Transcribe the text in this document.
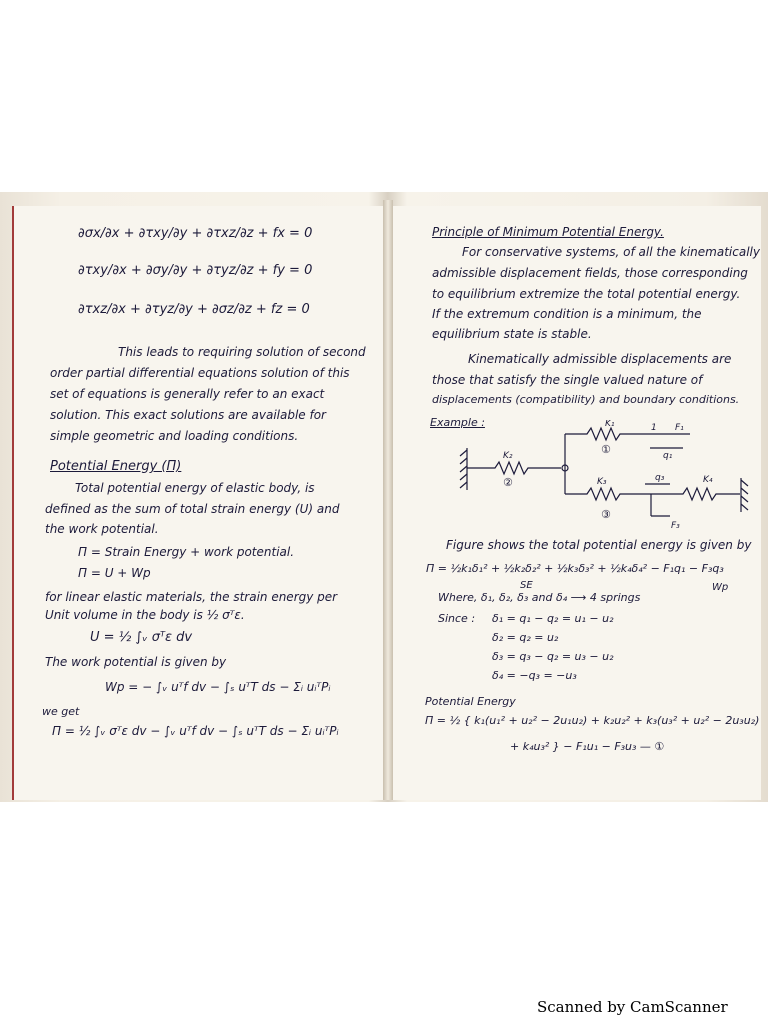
∂σx/∂x + ∂τxy/∂y + ∂τxz/∂z + fx = 0
∂τxy/∂x + ∂σy/∂y + ∂τyz/∂z + fy = 0
∂τxz/∂x + ∂τyz/∂y + ∂σz/∂z + fz = 0
This leads to requiring solution of second
order partial differential equations solution of this
set of equations is generally refer to an exact
solution. This exact solutions are available for
simple geometric and loading conditions.
Potential Energy (Π)
Total potential energy of elastic body, is
defined as the sum of total strain energy (U) and
the work potential.
Π = Strain Energy + work potential.
Π = U + Wp
for linear elastic materials, the strain energy per
Unit volume in the body is ½ σᵀε.
U = ½ ∫ᵥ σᵀε dv
The work potential is given by
Wp = − ∫ᵥ uᵀf dv − ∫ₛ uᵀT ds − Σᵢ uᵢᵀPᵢ
we get
Π = ½ ∫ᵥ σᵀε dv − ∫ᵥ uᵀf dv − ∫ₛ uᵀT ds − Σᵢ uᵢᵀPᵢ
Principle of Minimum Potential Energy.
For conservative systems, of all the kinematically
admissible displacement fields, those corresponding
to equilibrium extremize the total potential energy.
If the extremum condition is a minimum, the
equilibrium state is stable.
Kinematically admissible displacements are
those that satisfy the single valued nature of
displacements (compatibility) and boundary conditions.
Example :	K₁
①
1 F₁
q₁
K₂
②	K₃
③
q₃	K₄
F₃
Figure shows the total potential energy is given by
Π = ½k₁δ₁² + ½k₂δ₂² + ½k₃δ₃² + ½k₄δ₄² − F₁q₁ − F₃q₃
SE	Wp
Where, δ₁, δ₂, δ₃ and δ₄ ⟶ 4 springs
Since : δ₁ = q₁ − q₂ = u₁ − u₂
δ₂ = q₂ = u₂
δ₃ = q₃ − q₂ = u₃ − u₂
δ₄ = −q₃ = −u₃
Potential Energy
Π = ½ { k₁(u₁² + u₂² − 2u₁u₂) + k₂u₂² + k₃(u₃² + u₂² − 2u₃u₂)
+ k₄u₃² } − F₁u₁ − F₃u₃ — ①
Scanned by CamScanner
